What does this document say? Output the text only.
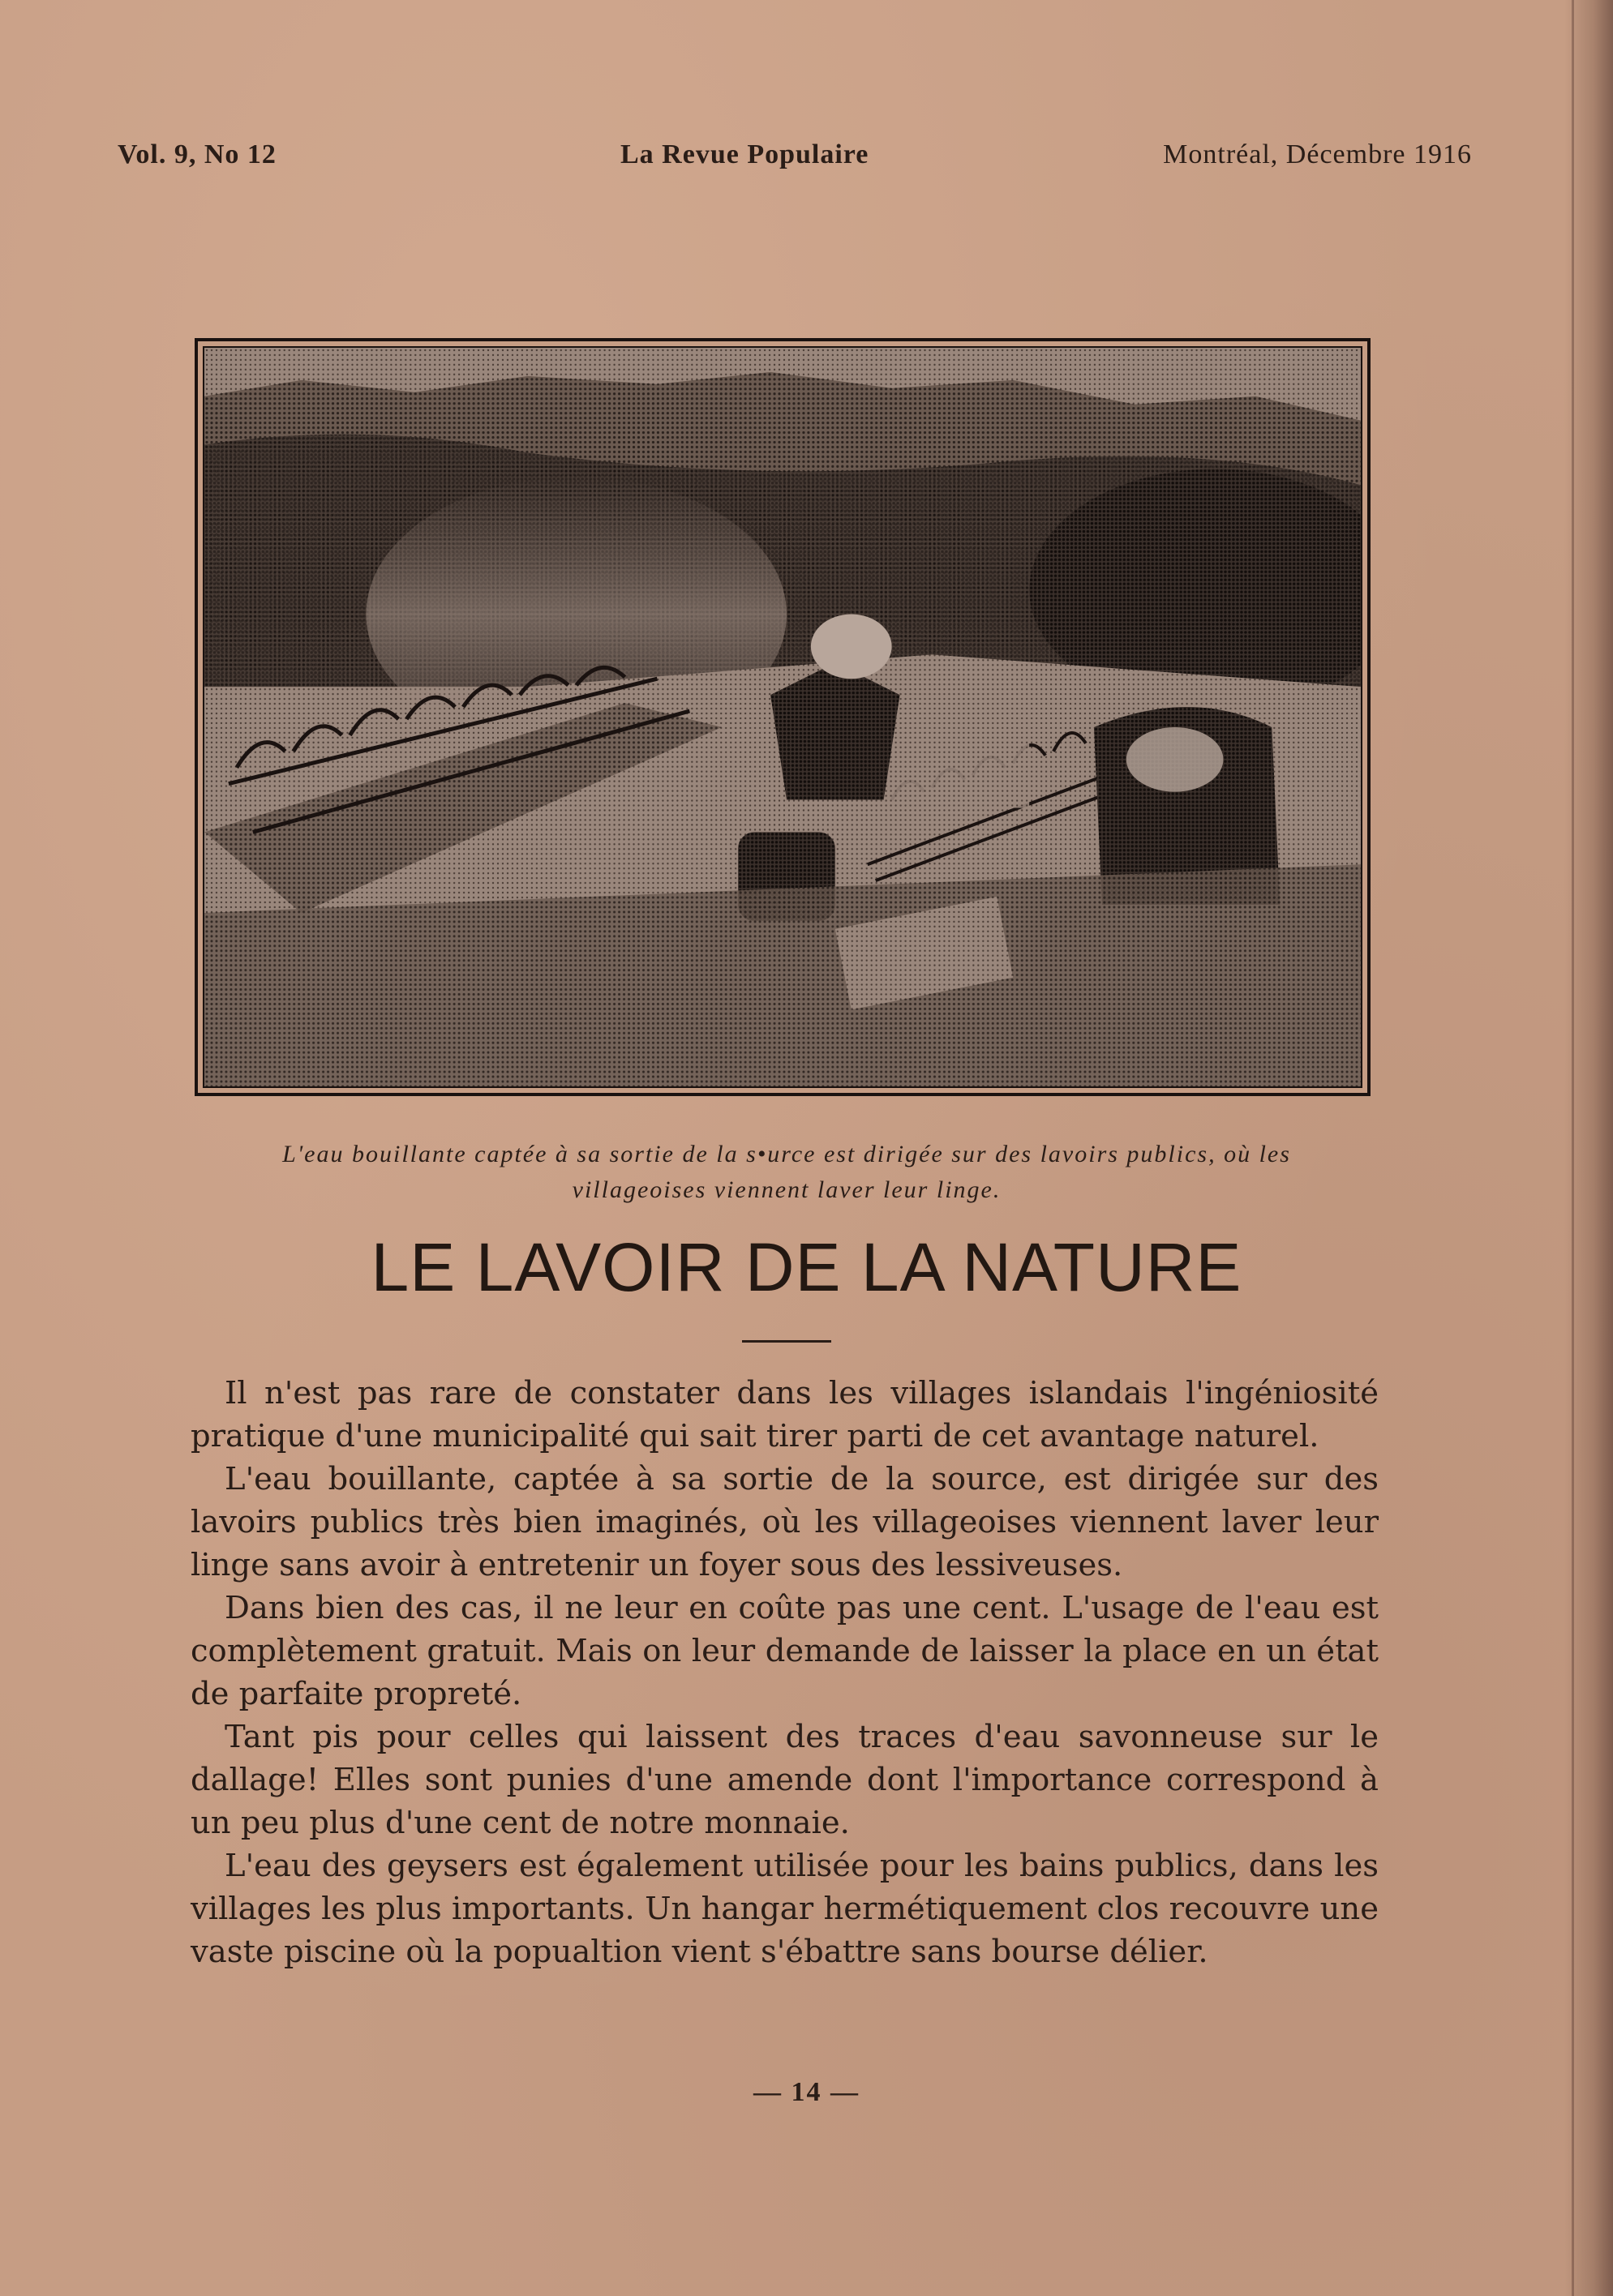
Vol. 9, No 12	La Revue Populaire	Montréal, Décembre 1916
L'eau bouillante captée à sa sortie de la s•urce est dirigée sur des lavoirs publics, où les
villageoises viennent laver leur linge.
LE LAVOIR DE LA NATURE

Il n'est pas rare de constater dans les villages islandais l'ingéniosité pratique d'une municipalité qui sait tirer parti de cet avantage naturel.

L'eau bouillante, captée à sa sortie de la source, est dirigée sur des lavoirs publics très bien imaginés, où les villageoises viennent laver leur linge sans avoir à entretenir un foyer sous des lessiveuses.

Dans bien des cas, il ne leur en coûte pas une cent. L'usage de l'eau est complètement gratuit. Mais on leur demande de laisser la place en un état de parfaite propreté.

Tant pis pour celles qui laissent des traces d'eau savonneuse sur le dallage! Elles sont punies d'une amende dont l'importance correspond à un peu plus d'une cent de notre monnaie.

L'eau des geysers est également utilisée pour les bains publics, dans les villages les plus importants. Un hangar hermétiquement clos recouvre une vaste piscine où la popualtion vient s'ébattre sans bourse délier.

— 14 —
